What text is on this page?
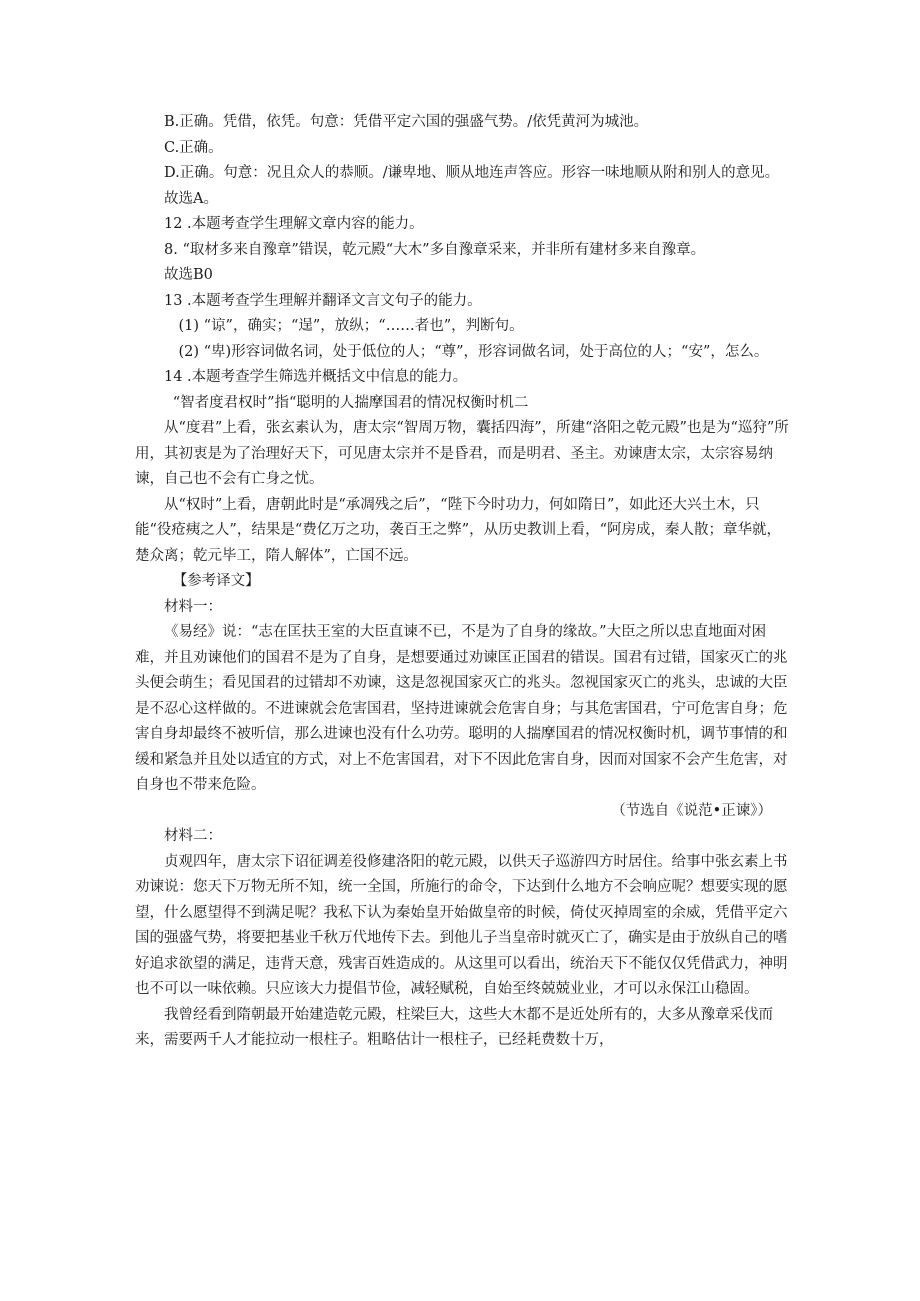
B.正确。凭借，依凭。句意：凭借平定六国的强盛气势。/依凭黄河为城池。

C.正确。

D.正确。句意：况且众人的恭顺。/谦卑地、顺从地连声答应。形容一味地顺从附和别人的意见。

故选A。

12 .本题考查学生理解文章内容的能力。

8. “取材多来自豫章”错误，乾元殿“大木”多自豫章采来，并非所有建材多来自豫章。

故选B0

13 .本题考查学生理解并翻译文言文句子的能力。

(1) “谅”，确实；“逞”，放纵；“……者也”，判断句。

(2) “卑)形容词做名词，处于低位的人；“尊”，形容词做名词，处于高位的人；“安”，怎么。

14 .本题考查学生筛选并概括文中信息的能力。

“智者度君权时”指“聪明的人揣摩国君的情况权衡时机二

从“度君”上看，张玄素认为，唐太宗“智周万物，囊括四海”，所建“洛阳之乾元殿”也是为“巡狩”所用，其初衷是为了治理好天下，可见唐太宗并不是昏君，而是明君、圣主。劝谏唐太宗，太宗容易纳谏，自己也不会有亡身之忧。

从“权时”上看，唐朝此时是“承凋残之后”，“陛下今时功力，何如隋日”，如此还大兴土木，只能“役疮痍之人”，结果是“费亿万之功，袭百王之弊”，从历史教训上看，“阿房成，秦人散；章华就，楚众离；乾元毕工，隋人解体”，亡国不远。

【参考译文】

材料一：

《易经》说：“志在匡扶王室的大臣直谏不已，不是为了自身的缘故。”大臣之所以忠直地面对困难，并且劝谏他们的国君不是为了自身，是想要通过劝谏匡正国君的错误。国君有过错，国家灭亡的兆头便会萌生；看见国君的过错却不劝谏，这是忽视国家灭亡的兆头。忽视国家灭亡的兆头，忠诚的大臣是不忍心这样做的。不进谏就会危害国君，坚持进谏就会危害自身；与其危害国君，宁可危害自身；危害自身却最终不被听信，那么进谏也没有什么功劳。聪明的人揣摩国君的情况权衡时机，调节事情的和缓和紧急并且处以适宜的方式，对上不危害国君，对下不因此危害自身，因而对国家不会产生危害，对自身也不带来危险。

（节选自《说范•正谏》）

材料二：

贞观四年，唐太宗下诏征调差役修建洛阳的乾元殿，以供天子巡游四方时居住。给事中张玄素上书劝谏说：您天下万物无所不知，统一全国，所施行的命令，下达到什么地方不会响应呢？想要实现的愿望，什么愿望得不到满足呢？我私下认为秦始皇开始做皇帝的时候，倚仗灭掉周室的余威，凭借平定六国的强盛气势，将要把基业千秋万代地传下去。到他儿子当皇帝时就灭亡了，确实是由于放纵自己的嗜好追求欲望的满足，违背天意，残害百姓造成的。从这里可以看出，统治天下不能仅仅凭借武力，神明也不可以一味依赖。只应该大力提倡节俭，减轻赋税，自始至终兢兢业业，才可以永保江山稳固。

我曾经看到隋朝最开始建造乾元殿，柱梁巨大，这些大木都不是近处所有的，大多从豫章采伐而来，需要两千人才能拉动一根柱子。粗略估计一根柱子，已经耗费数十万，
